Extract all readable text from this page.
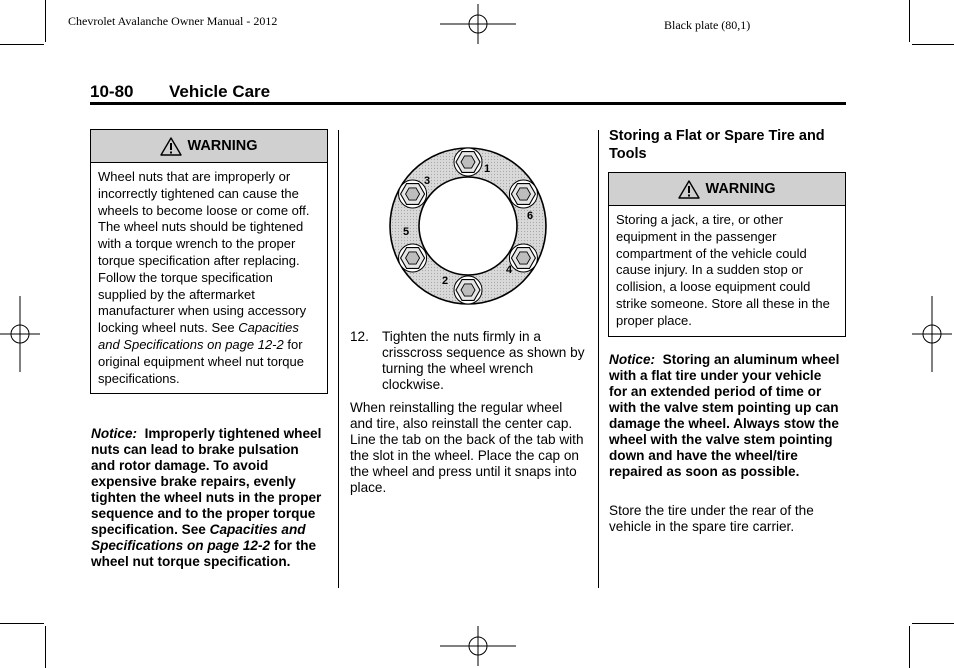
Chevrolet Avalanche Owner Manual - 2012	Black plate (80,1)
10-80 Vehicle Care
WARNING
Wheel nuts that are improperly or incorrectly tightened can cause the wheels to become loose or come off. The wheel nuts should be tightened with a torque wrench to the proper torque specification after replacing. Follow the torque specification supplied by the aftermarket manufacturer when using accessory locking wheel nuts. See Capacities and Specifications on page 12-2 for original equipment wheel nut torque specifications.
Notice: Improperly tightened wheel nuts can lead to brake pulsation and rotor damage. To avoid expensive brake repairs, evenly tighten the wheel nuts in the proper sequence and to the proper torque specification. See Capacities and Specifications on page 12-2 for the wheel nut torque specification.
1
2
3
4
5
6
12. Tighten the nuts firmly in a crisscross sequence as shown by turning the wheel wrench clockwise.
When reinstalling the regular wheel and tire, also reinstall the center cap. Line the tab on the back of the tab with the slot in the wheel. Place the cap on the wheel and press until it snaps into place.
Storing a Flat or Spare Tire and Tools
WARNING
Storing a jack, a tire, or other equipment in the passenger compartment of the vehicle could cause injury. In a sudden stop or collision, a loose equipment could strike someone. Store all these in the proper place.
Notice: Storing an aluminum wheel with a flat tire under your vehicle for an extended period of time or with the valve stem pointing up can damage the wheel. Always stow the wheel with the valve stem pointing down and have the wheel/tire repaired as soon as possible.
Store the tire under the rear of the vehicle in the spare tire carrier.
